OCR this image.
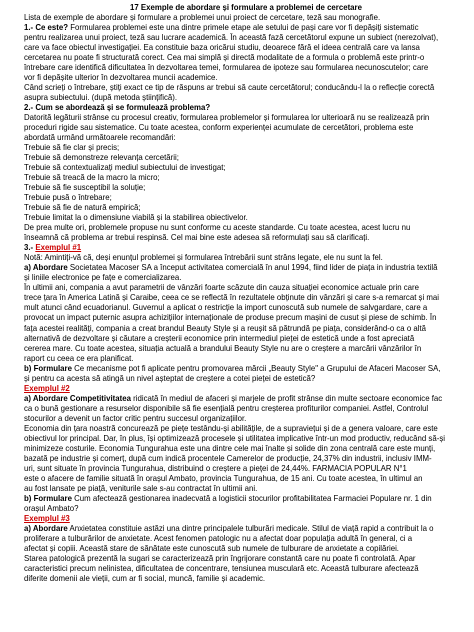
17 Exemple de abordare și formulare a problemei de cercetare

Lista de exemple de abordare și formulare a problemei unui proiect de cercetare, teză sau monografie.

1.- Ce este? Formularea problemei este una dintre primele etape ale setului de pași care vor fi depășiți sistematic

pentru realizarea unui proiect, teză sau lucrare academică. În această fază cercetătorul expune un subiect (nerezolvat),

care va face obiectul investigației. Ea constituie baza oricărui studiu, deoarece fără el ideea centrală care va lansa

cercetarea nu poate fi structurată corect. Cea mai simplă și directă modalitate de a formula o problemă este printr-o

întrebare care identifică dificultatea în dezvoltarea temei, formularea de ipoteze sau formularea necunoscutelor; care

vor fi depășite ulterior în dezvoltarea muncii academice.

Când scrieți o întrebare, știți exact ce tip de răspuns ar trebui să caute cercetătorul; conducându-l la o reflecție corectă

asupra subiectului. (după metoda științifică).

2.- Cum se abordează și se formulează problema?

Datorită legăturii strânse cu procesul creativ, formularea problemelor și formularea lor ulterioară nu se realizează prin

proceduri rigide sau sistematice. Cu toate acestea, conform experienței acumulate de cercetători, problema este

abordată urmând următoarele recomandări:

Trebuie să fie clar și precis;

Trebuie să demonstreze relevanța cercetării;

Trebuie să contextualizați mediul subiectului de investigat;

Trebuie să treacă de la macro la micro;

Trebuie să fie susceptibil la soluție;

Trebuie pusă o întrebare;

Trebuie să fie de natură empirică;

Trebuie limitat la o dimensiune viabilă și la stabilirea obiectivelor.

De prea multe ori, problemele propuse nu sunt conforme cu aceste standarde. Cu toate acestea, acest lucru nu

înseamnă că problema ar trebui respinsă. Cel mai bine este adesea să reformulați sau să clarificați.

3.- Exemplul #1

Notă: Amintiți-vă că, deși enunțul problemei și formularea întrebării sunt strâns legate, ele nu sunt la fel.

a) Abordare Societatea Macoser SA a început activitatea comercială în anul 1994, fiind lider de piața in industria textilă

și liniile electronice pe fațe e comercializarea.

În ultimii ani, compania a avut parametrii de vânzări foarte scăzute din cauza situației economice actuale prin care

trece țara în America Latină și Caraibe, ceea ce se reflectă în rezultatele obținute din vânzări și care s-a remarcat și mai

mult atunci când ecuadorianul. Guvernul a aplicat o restricție la import cunoscută sub numele de salvgardare, care a

provocat un impact puternic asupra achizițiilor internaționale de produse precum mașini de cusut și piese de schimb. În

fața acestei realități, compania a creat brandul Beauty Style și a reușit să pătrundă pe piața, considerând-o ca o altă

alternativă de dezvoltare și căutare a creșterii economice prin intermediul pieței de estetică unde a fost apreciată

cererea mare. Cu toate acestea, situația actuală a brandului Beauty Style nu are o creștere a marcării vânzărilor în

raport cu ceea ce era planificat.

b) Formulare Ce mecanisme pot fi aplicate pentru promovarea mărcii „Beauty Style" a Grupului de Afaceri Macoser SA,

și pentru ca acesta să atingă un nivel așteptat de creștere a cotei pieței de estetică?

Exemplul #2

a) Abordare Competitivitatea ridicată în mediul de afaceri și marjele de profit strânse din multe sectoare economice fac

ca o bună gestionare a resurselor disponibile să fie esențială pentru creșterea profiturilor companiei. Astfel, Controlul

stocurilor a devenit un factor critic pentru succesul organizațiilor.

Economia din țara noastră concurează pe piețe testându-și abilitățile, de a supraviețui și de a genera valoare, care este

obiectivul lor principal. Dar, în plus, își optimizează procesele și utilitatea implicative într-un mod productiv, reducând să-și

minimizeze costurile. Economia Tungurahua este una dintre cele mai înalte și solide din zona centrală care este munți,

bazată pe industrie și comerț, după cum indică procentele Camerelor de producție, 24,37% din industrii, inclusiv IMM-

uri, sunt situate în provincia Tungurahua, distribuind o creștere a pieței de 24,44%. FARMACIA POPULAR N°1

este o afacere de familie situată în orașul Ambato, provincia Tungurahua, de 15 ani. Cu toate acestea, în ultimul an

au fost lansate pe piață, veniturile sale s-au contractat în ultimii ani.

b) Formulare Cum afectează gestionarea inadecvată a logisticii stocurilor profitabilitatea Farmaciei Populare nr. 1 din

orașul Ambato?

Exemplul #3

a) Abordare Anxietatea constituie astăzi una dintre principalele tulburări medicale. Stilul de viață rapid a contribuit la o

proliferare a tulburărilor de anxietate. Acest fenomen patologic nu a afectat doar populația adultă în general, ci a

afectat și copiii. Această stare de sănătate este cunoscută sub numele de tulburare de anxietate a copilăriei.

Starea patologică prezentă la sugari se caracterizează prin îngrijorare constantă care nu poate fi controlată. Apar

caracteristici precum nelinistea, dificultatea de concentrare, tensiunea musculară etc. Această tulburare afectează

diferite domenii ale vieții, cum ar fi social, muncă, familie și academic.
